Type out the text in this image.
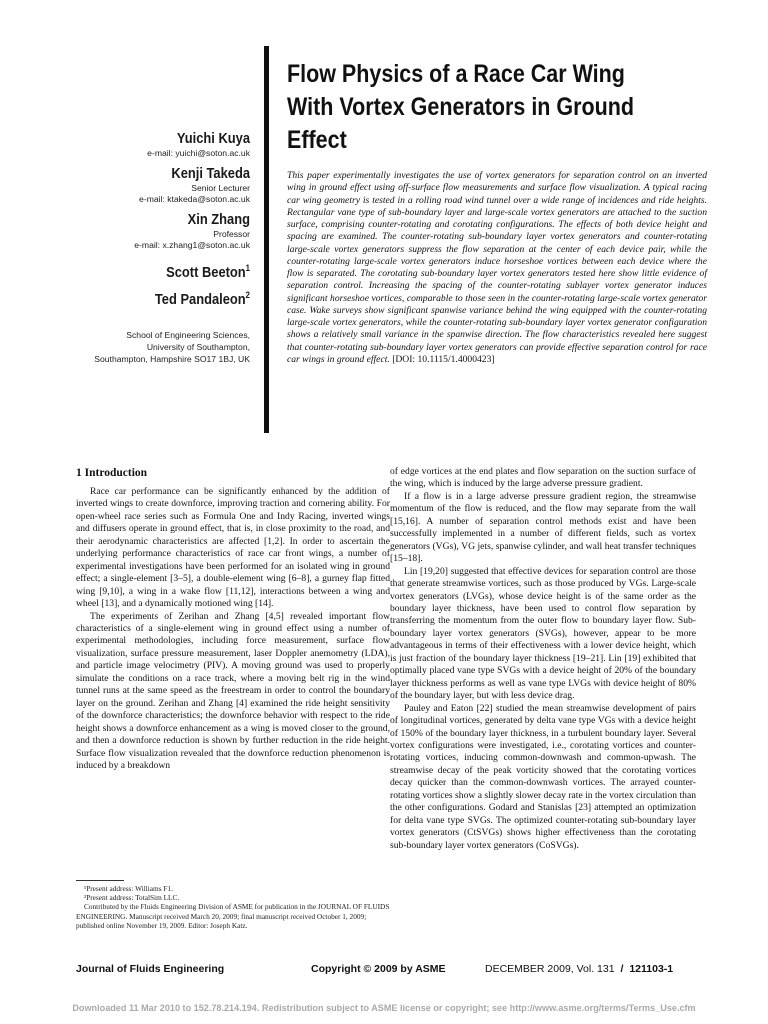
Flow Physics of a Race Car Wing With Vortex Generators in Ground Effect
Yuichi Kuya
e-mail: yuichi@soton.ac.uk
Kenji Takeda
Senior Lecturer
e-mail: ktakeda@soton.ac.uk
Xin Zhang
Professor
e-mail: x.zhang1@soton.ac.uk
Scott Beeton$^1$
Ted Pandaleon$^2$
School of Engineering Sciences,
University of Southampton,
Southampton, Hampshire SO17 1BJ, UK
This paper experimentally investigates the use of vortex generators for separation control on an inverted wing in ground effect using off-surface flow measurements and surface flow visualization. A typical racing car wing geometry is tested in a rolling road wind tunnel over a wide range of incidences and ride heights. Rectangular vane type of sub-boundary layer and large-scale vortex generators are attached to the suction surface, comprising counter-rotating and corotating configurations. The effects of both device height and spacing are examined. The counter-rotating sub-boundary layer vortex generators and counter-rotating large-scale vortex generators suppress the flow separation at the center of each device pair, while the counter-rotating large-scale vortex generators induce horseshoe vortices between each device where the flow is separated. The corotating sub-boundary layer vortex generators tested here show little evidence of separation control. Increasing the spacing of the counter-rotating sublayer vortex generator induces significant horseshoe vortices, comparable to those seen in the counter-rotating large-scale vortex generator case. Wake surveys show significant spanwise variance behind the wing equipped with the counter-rotating large-scale vortex generators, while the counter-rotating sub-boundary layer vortex generator configuration shows a relatively small variance in the spanwise direction. The flow characteristics revealed here suggest that counter-rotating sub-boundary layer vortex generators can provide effective separation control for race car wings in ground effect. [DOI: 10.1115/1.4000423]

1 Introduction

Race car performance can be significantly enhanced by the addition of inverted wings to create downforce, improving traction and cornering ability. For open-wheel race series such as Formula One and Indy Racing, inverted wings and diffusers operate in ground effect, that is, in close proximity to the road, and their aerodynamic characteristics are affected [1,2]. In order to ascertain the underlying performance characteristics of race car front wings, a number of experimental investigations have been performed for an isolated wing in ground effect; a single-element [3–5], a double-element wing [6–8], a gurney flap fitted wing [9,10], a wing in a wake flow [11,12], interactions between a wing and wheel [13], and a dynamically motioned wing [14].

The experiments of Zerihan and Zhang [4,5] revealed important flow characteristics of a single-element wing in ground effect using a number of experimental methodologies, including force measurement, surface flow visualization, surface pressure measurement, laser Doppler anemometry (LDA), and particle image velocimetry (PIV). A moving ground was used to properly simulate the conditions on a race track, where a moving belt rig in the wind tunnel runs at the same speed as the freestream in order to control the boundary layer on the ground. Zerihan and Zhang [4] examined the ride height sensitivity of the downforce characteristics; the downforce behavior with respect to the ride height shows a downforce enhancement as a wing is moved closer to the ground, and then a downforce reduction is shown by further reduction in the ride height. Surface flow visualization revealed that the downforce reduction phenomenon is induced by a breakdown

of edge vortices at the end plates and flow separation on the suction surface of the wing, which is induced by the large adverse pressure gradient.

If a flow is in a large adverse pressure gradient region, the streamwise momentum of the flow is reduced, and the flow may separate from the wall [15,16]. A number of separation control methods exist and have been successfully implemented in a number of different fields, such as vortex generators (VGs), VG jets, spanwise cylinder, and wall heat transfer techniques [15–18].

Lin [19,20] suggested that effective devices for separation control are those that generate streamwise vortices, such as those produced by VGs. Large-scale vortex generators (LVGs), whose device height is of the same order as the boundary layer thickness, have been used to control flow separation by transferring the momentum from the outer flow to boundary layer flow. Sub-boundary layer vortex generators (SVGs), however, appear to be more advantageous in terms of their effectiveness with a lower device height, which is just fraction of the boundary layer thickness [19–21]. Lin [19] exhibited that optimally placed vane type SVGs with a device height of 20% of the boundary layer thickness performs as well as vane type LVGs with device height of 80% of the boundary layer, but with less device drag.

Pauley and Eaton [22] studied the mean streamwise development of pairs of longitudinal vortices, generated by delta vane type VGs with a device height of 150% of the boundary layer thickness, in a turbulent boundary layer. Several vortex configurations were investigated, i.e., corotating vortices and counter-rotating vortices, inducing common-downwash and common-upwash. The streamwise decay of the peak vorticity showed that the corotating vortices decay quicker than the common-downwash vortices. The arrayed counter-rotating vortices show a slightly slower decay rate in the vortex circulation than the other configurations. Godard and Stanislas [23] attempted an optimization for delta vane type SVGs. The optimized counter-rotating sub-boundary layer vortex generators (CtSVGs) shows higher effectiveness than the corotating sub-boundary layer vortex generators (CoSVGs).

¹Present address: Williams F1.
²Present address: TotalSim LLC.
Contributed by the Fluids Engineering Division of ASME for publication in the JOURNAL OF FLUIDS ENGINEERING. Manuscript received March 20, 2009; final manuscript received October 1, 2009; published online November 19, 2009. Editor: Joseph Katz.
Journal of Fluids Engineering	Copyright © 2009 by ASME	DECEMBER 2009, Vol. 131 / 121103-1
Downloaded 11 Mar 2010 to 152.78.214.194. Redistribution subject to ASME license or copyright; see http://www.asme.org/terms/Terms_Use.cfm
